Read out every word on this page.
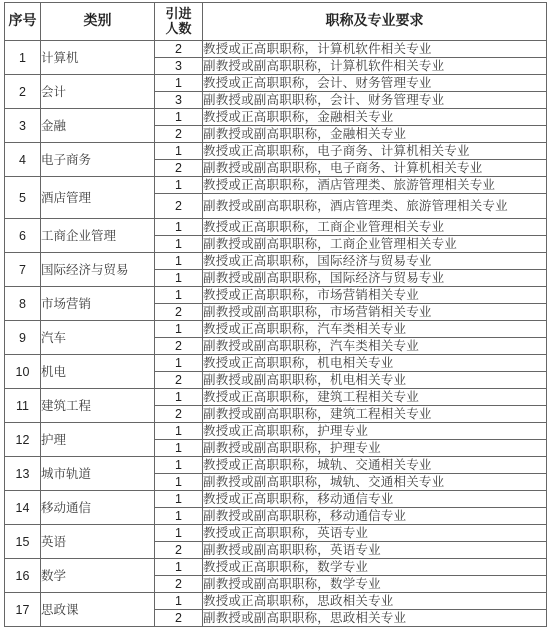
序号	类别	引进人数	职称及专业要求
1	计算机	2	教授或正高职职称，计算机软件相关专业
		3	副教授或副高职职称，计算机软件相关专业
2	会计	1	教授或正高职职称，会计、财务管理专业
		3	副教授或副高职职称，会计、财务管理专业
3	金融	1	教授或正高职职称，金融相关专业
		2	副教授或副高职职称，金融相关专业
4	电子商务	1	教授或正高职职称，电子商务、计算机相关专业
		2	副教授或副高职职称，电子商务、计算机相关专业
5	酒店管理	1	教授或正高职职称，酒店管理类、旅游管理相关专业
		2	副教授或副高职职称，酒店管理类、旅游管理相关专业
6	工商企业管理	1	教授或正高职职称，工商企业管理相关专业
		1	副教授或副高职职称，工商企业管理相关专业
7	国际经济与贸易	1	教授或正高职职称，国际经济与贸易专业
		1	副教授或副高职职称，国际经济与贸易专业
8	市场营销	1	教授或正高职职称，市场营销相关专业
		2	副教授或副高职职称，市场营销相关专业
9	汽车	1	教授或正高职职称，汽车类相关专业
		2	副教授或副高职职称，汽车类相关专业
10	机电	1	教授或正高职职称，机电相关专业
		2	副教授或副高职职称，机电相关专业
11	建筑工程	1	教授或正高职职称，建筑工程相关专业
		2	副教授或副高职职称，建筑工程相关专业
12	护理	1	教授或正高职职称，护理专业
		1	副教授或副高职职称，护理专业
13	城市轨道	1	教授或正高职职称，城轨、交通相关专业
		1	副教授或副高职职称，城轨、交通相关专业
14	移动通信	1	教授或正高职职称，移动通信专业
		1	副教授或副高职职称，移动通信专业
15	英语	1	教授或正高职职称，英语专业
		2	副教授或副高职职称，英语专业
16	数学	1	教授或正高职职称，数学专业
		2	副教授或副高职职称，数学专业
17	思政课	1	教授或正高职职称，思政相关专业
		2	副教授或副高职职称，思政相关专业
